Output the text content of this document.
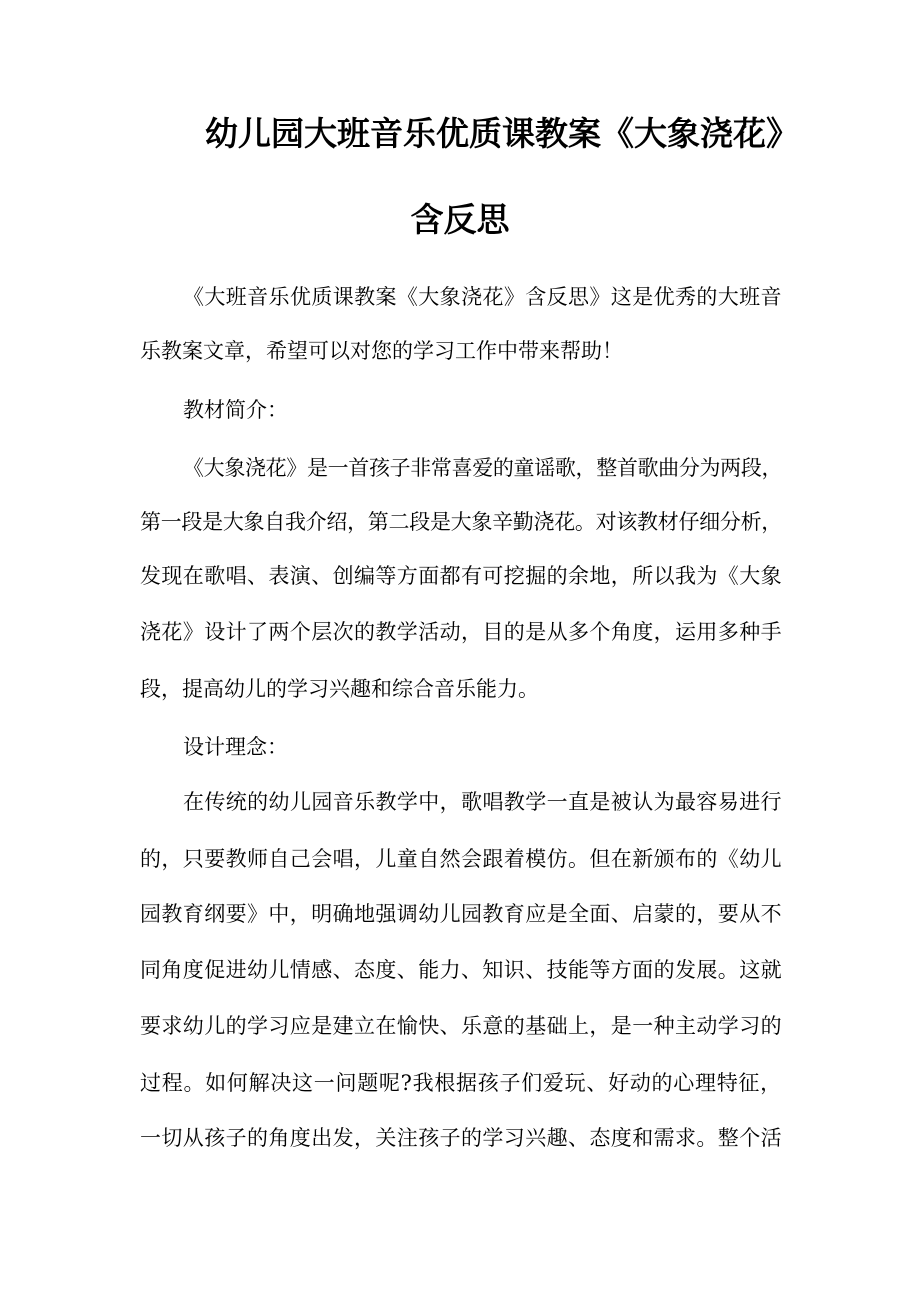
幼儿园大班音乐优质课教案《大象浇花》
含反思
《大班音乐优质课教案《大象浇花》含反思》这是优秀的大班音
乐教案文章，希望可以对您的学习工作中带来帮助！
教材简介：
《大象浇花》是一首孩子非常喜爱的童谣歌，整首歌曲分为两段，
第一段是大象自我介绍，第二段是大象辛勤浇花。对该教材仔细分析，
发现在歌唱、表演、创编等方面都有可挖掘的余地，所以我为《大象
浇花》设计了两个层次的教学活动，目的是从多个角度，运用多种手
段，提高幼儿的学习兴趣和综合音乐能力。
设计理念：
在传统的幼儿园音乐教学中，歌唱教学一直是被认为最容易进行
的，只要教师自己会唱，儿童自然会跟着模仿。但在新颁布的《幼儿
园教育纲要》中，明确地强调幼儿园教育应是全面、启蒙的，要从不
同角度促进幼儿情感、态度、能力、知识、技能等方面的发展。这就
要求幼儿的学习应是建立在愉快、乐意的基础上，是一种主动学习的
过程。如何解决这一问题呢?我根据孩子们爱玩、好动的心理特征，
一切从孩子的角度出发，关注孩子的学习兴趣、态度和需求。整个活
